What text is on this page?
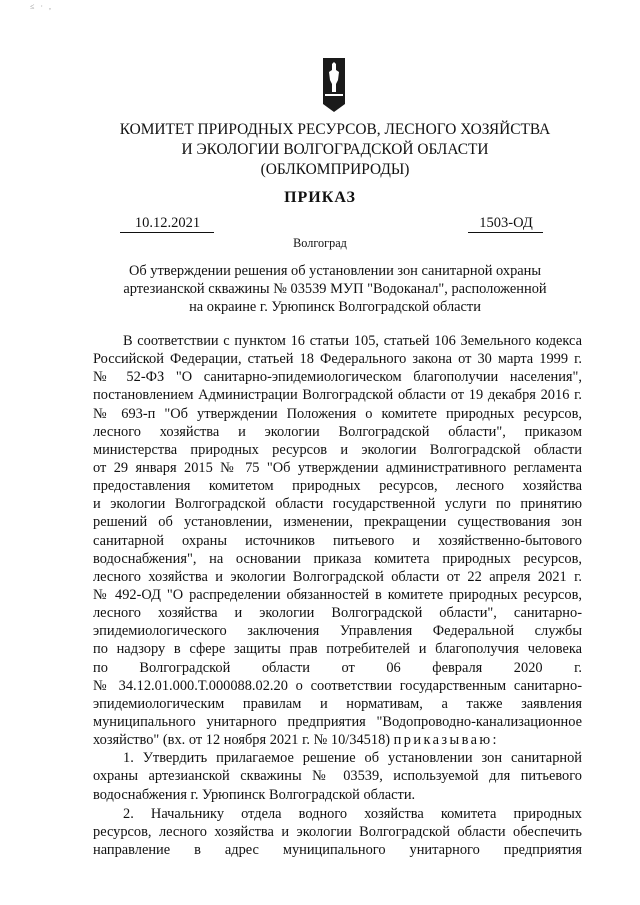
≤ · ,
КОМИТЕТ ПРИРОДНЫХ РЕСУРСОВ, ЛЕСНОГО ХОЗЯЙСТВА
И ЭКОЛОГИИ ВОЛГОГРАДСКОЙ ОБЛАСТИ
(ОБЛКОМПРИРОДЫ)
ПРИКАЗ
10.12.2021	1503-ОД
Волгоград
Об утверждении решения об установлении зон санитарной охраны
артезианской скважины № 03539 МУП "Водоканал", расположенной
на окраине г. Урюпинск Волгоградской области
В соответствии с пунктом 16 статьи 105, статьей 106 Земельного кодекса
Российской Федерации, статьей 18 Федерального закона от 30 марта 1999 г.
№ 52-ФЗ "О санитарно-эпидемиологическом благополучии населения",
постановлением Администрации Волгоградской области от 19 декабря 2016 г.
№ 693-п "Об утверждении Положения о комитете природных ресурсов,
лесного хозяйства и экологии Волгоградской области", приказом
министерства природных ресурсов и экологии Волгоградской области
от 29 января 2015 № 75 "Об утверждении административного регламента
предоставления комитетом природных ресурсов, лесного хозяйства
и экологии Волгоградской области государственной услуги по принятию
решений об установлении, изменении, прекращении существования зон
санитарной охраны источников питьевого и хозяйственно-бытового
водоснабжения", на основании приказа комитета природных ресурсов,
лесного хозяйства и экологии Волгоградской области от 22 апреля 2021 г.
№ 492-ОД "О распределении обязанностей в комитете природных ресурсов,
лесного хозяйства и экологии Волгоградской области", санитарно-
эпидемиологического заключения Управления Федеральной службы
по надзору в сфере защиты прав потребителей и благополучия человека
по Волгоградской области от 06 февраля 2020 г.
№ 34.12.01.000.Т.000088.02.20 о соответствии государственным санитарно-
эпидемиологическим правилам и нормативам, а также заявления
муниципального унитарного предприятия "Водопроводно-канализационное
хозяйство" (вх. от 12 ноября 2021 г. № 10/34518) приказываю:
1. Утвердить прилагаемое решение об установлении зон санитарной
охраны артезианской скважины № 03539, используемой для питьевого
водоснабжения г. Урюпинск Волгоградской области.
2. Начальнику отдела водного хозяйства комитета природных
ресурсов, лесного хозяйства и экологии Волгоградской области обеспечить
направление в адрес муниципального унитарного предприятия
